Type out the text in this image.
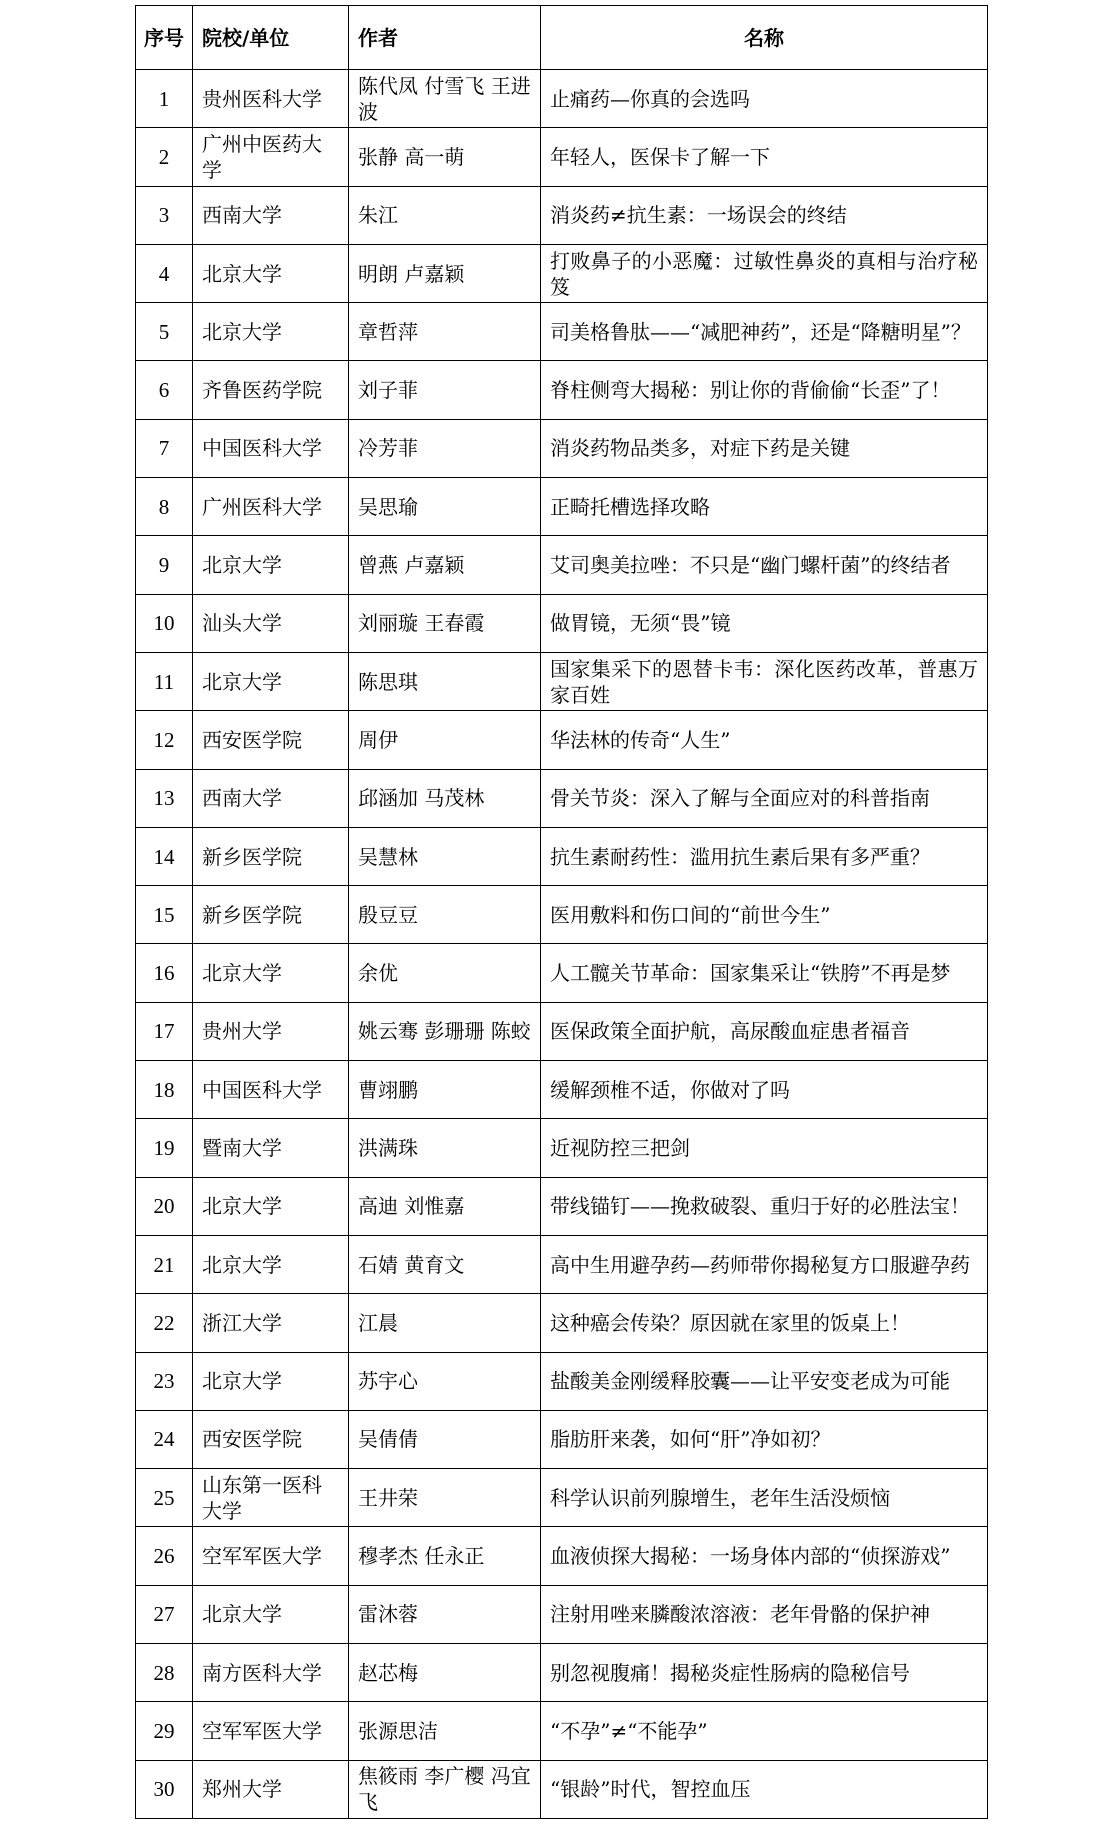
序号	院校/单位	作者	名称
1	贵州医科大学	陈代凤 付雪飞 王进波	止痛药—你真的会选吗
2	广州中医药大学	张静 高一萌	年轻人，医保卡了解一下
3	西南大学	朱江	消炎药≠抗生素：一场误会的终结
4	北京大学	明朗 卢嘉颖	打败鼻子的小恶魔：过敏性鼻炎的真相与治疗秘笈
5	北京大学	章哲萍	司美格鲁肽——“减肥神药”，还是“降糖明星”？
6	齐鲁医药学院	刘子菲	脊柱侧弯大揭秘：别让你的背偷偷“长歪”了！
7	中国医科大学	冷芳菲	消炎药物品类多，对症下药是关键
8	广州医科大学	吴思瑜	正畸托槽选择攻略
9	北京大学	曾燕 卢嘉颖	艾司奥美拉唑：不只是“幽门螺杆菌”的终结者
10	汕头大学	刘丽璇 王春霞	做胃镜，无须“畏”镜
11	北京大学	陈思琪	国家集采下的恩替卡韦：深化医药改革，普惠万家百姓
12	西安医学院	周伊	华法林的传奇“人生”
13	西南大学	邱涵加 马茂林	骨关节炎：深入了解与全面应对的科普指南
14	新乡医学院	吴慧林	抗生素耐药性：滥用抗生素后果有多严重？
15	新乡医学院	殷豆豆	医用敷料和伤口间的“前世今生”
16	北京大学	余优	人工髋关节革命：国家集采让“铁胯”不再是梦
17	贵州大学	姚云骞 彭珊珊 陈蛟	医保政策全面护航，高尿酸血症患者福音
18	中国医科大学	曹翊鹏	缓解颈椎不适，你做对了吗
19	暨南大学	洪满珠	近视防控三把剑
20	北京大学	高迪 刘惟嘉	带线锚钉——挽救破裂、重归于好的必胜法宝！
21	北京大学	石婧 黄育文	高中生用避孕药—药师带你揭秘复方口服避孕药
22	浙江大学	江晨	这种癌会传染？原因就在家里的饭桌上！
23	北京大学	苏宇心	盐酸美金刚缓释胶囊——让平安变老成为可能
24	西安医学院	吴倩倩	脂肪肝来袭，如何“肝”净如初？
25	山东第一医科大学	王井荣	科学认识前列腺增生，老年生活没烦恼
26	空军军医大学	穆孝杰 任永正	血液侦探大揭秘：一场身体内部的“侦探游戏”
27	北京大学	雷沐蓉	注射用唑来膦酸浓溶液：老年骨骼的保护神
28	南方医科大学	赵芯梅	别忽视腹痛！揭秘炎症性肠病的隐秘信号
29	空军军医大学	张源思洁	“不孕”≠“不能孕”
30	郑州大学	焦筱雨 李广樱 冯宜飞	“银龄”时代，智控血压
